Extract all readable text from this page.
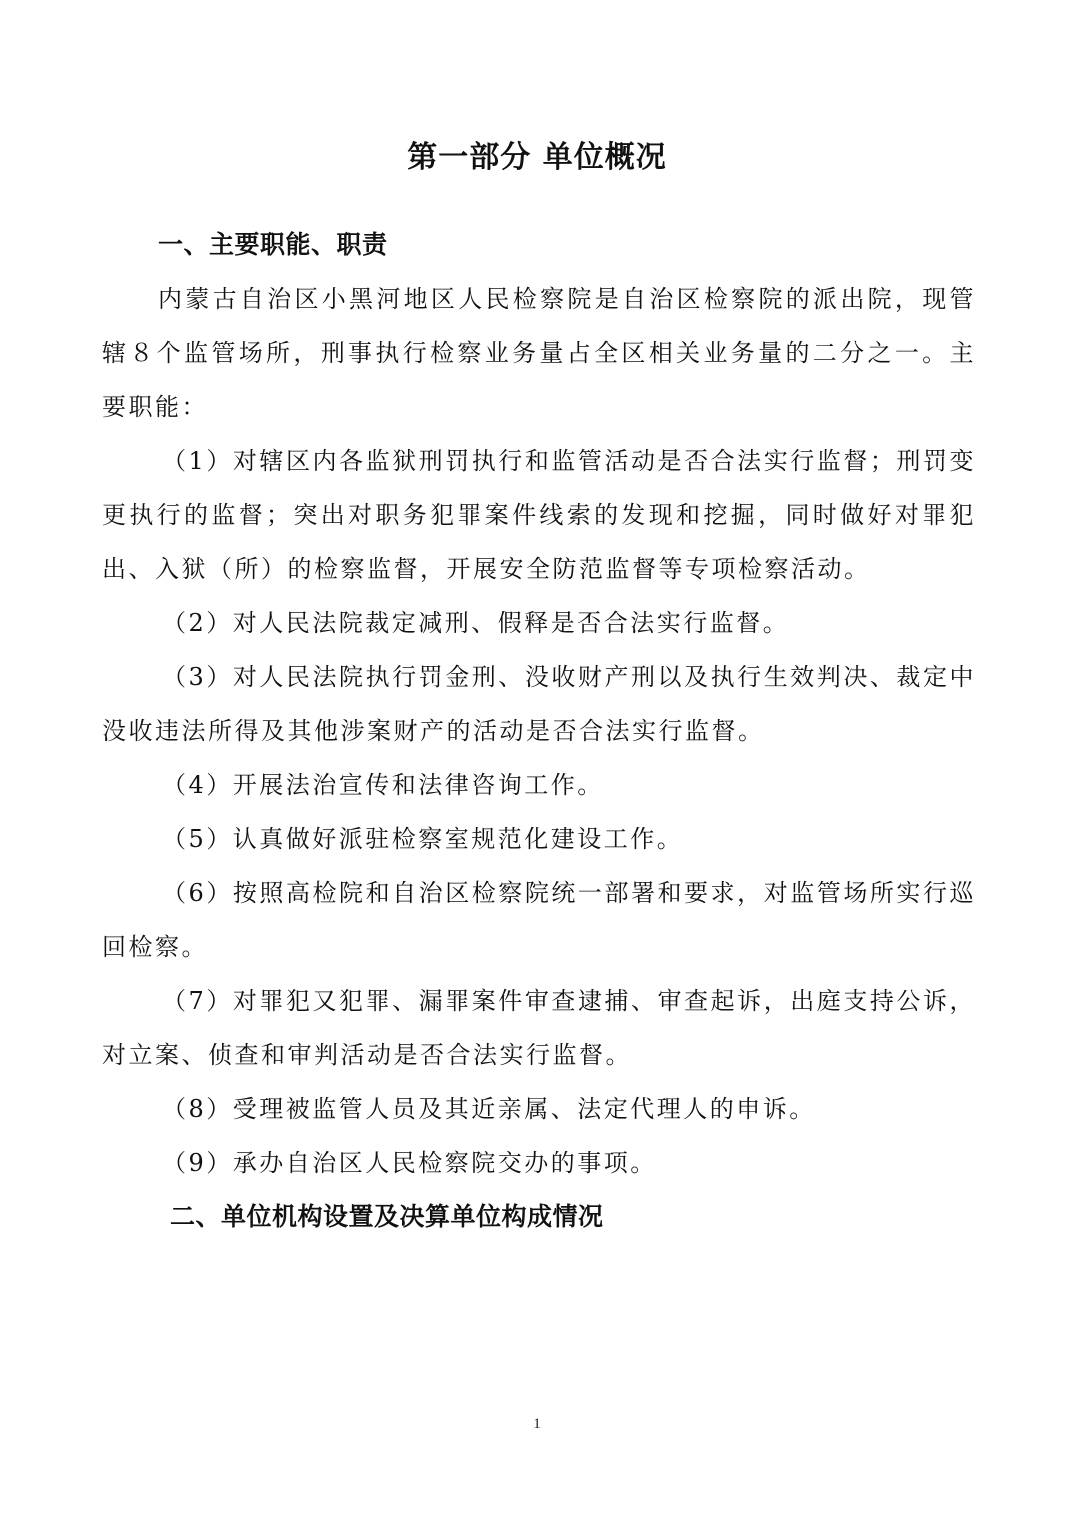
第一部分 单位概况
一、主要职能、职责

内蒙古自治区小黑河地区人民检察院是自治区检察院的派出院，现管辖８个监管场所，刑事执行检察业务量占全区相关业务量的二分之一。主要职能：

（1）对辖区内各监狱刑罚执行和监管活动是否合法实行监督；刑罚变更执行的监督；突出对职务犯罪案件线索的发现和挖掘，同时做好对罪犯出、入狱（所）的检察监督，开展安全防范监督等专项检察活动。

（2）对人民法院裁定减刑、假释是否合法实行监督。

（3）对人民法院执行罚金刑、没收财产刑以及执行生效判决、裁定中没收违法所得及其他涉案财产的活动是否合法实行监督。

（4）开展法治宣传和法律咨询工作。

（5）认真做好派驻检察室规范化建设工作。

（6）按照高检院和自治区检察院统一部署和要求，对监管场所实行巡回检察。

（7）对罪犯又犯罪、漏罪案件审查逮捕、审查起诉，出庭支持公诉，对立案、侦查和审判活动是否合法实行监督。

（8）受理被监管人员及其近亲属、法定代理人的申诉。

（9）承办自治区人民检察院交办的事项。

二、单位机构设置及决算单位构成情况
1
